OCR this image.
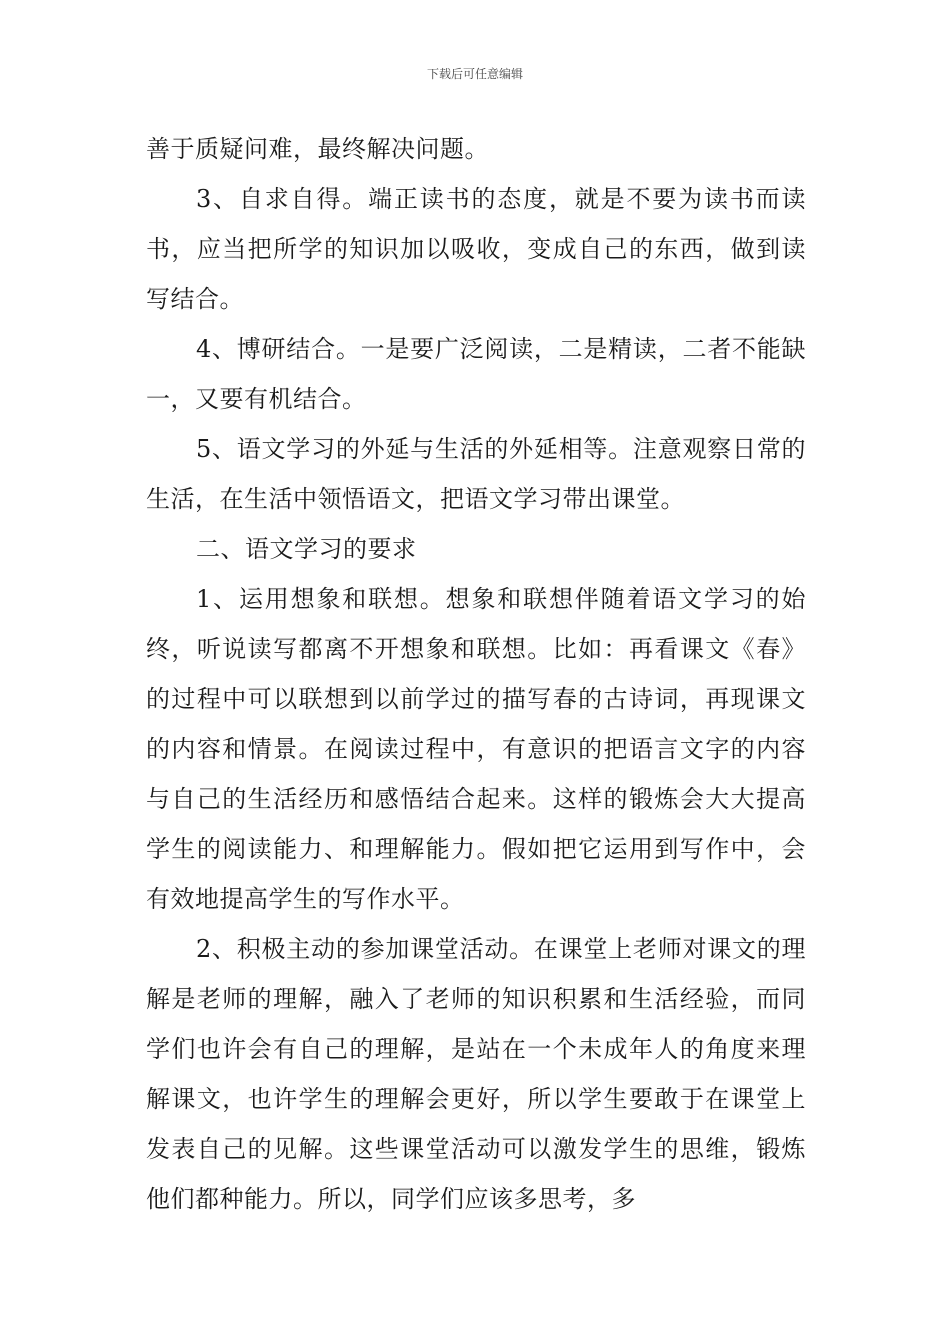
下载后可任意编辑

善于质疑问难，最终解决问题。

3、自求自得。端正读书的态度，就是不要为读书而读书，应当把所学的知识加以吸收，变成自己的东西，做到读写结合。

4、博研结合。一是要广泛阅读，二是精读，二者不能缺一，又要有机结合。

5、语文学习的外延与生活的外延相等。注意观察日常的生活，在生活中领悟语文，把语文学习带出课堂。

二、语文学习的要求

1、运用想象和联想。想象和联想伴随着语文学习的始终，听说读写都离不开想象和联想。比如：再看课文《春》的过程中可以联想到以前学过的描写春的古诗词，再现课文的内容和情景。在阅读过程中，有意识的把语言文字的内容与自己的生活经历和感悟结合起来。这样的锻炼会大大提高学生的阅读能力、和理解能力。假如把它运用到写作中，会有效地提高学生的写作水平。

2、积极主动的参加课堂活动。在课堂上老师对课文的理解是老师的理解，融入了老师的知识积累和生活经验，而同学们也许会有自己的理解，是站在一个未成年人的角度来理解课文，也许学生的理解会更好，所以学生要敢于在课堂上发表自己的见解。这些课堂活动可以激发学生的思维，锻炼他们都种能力。所以，同学们应该多思考，多
